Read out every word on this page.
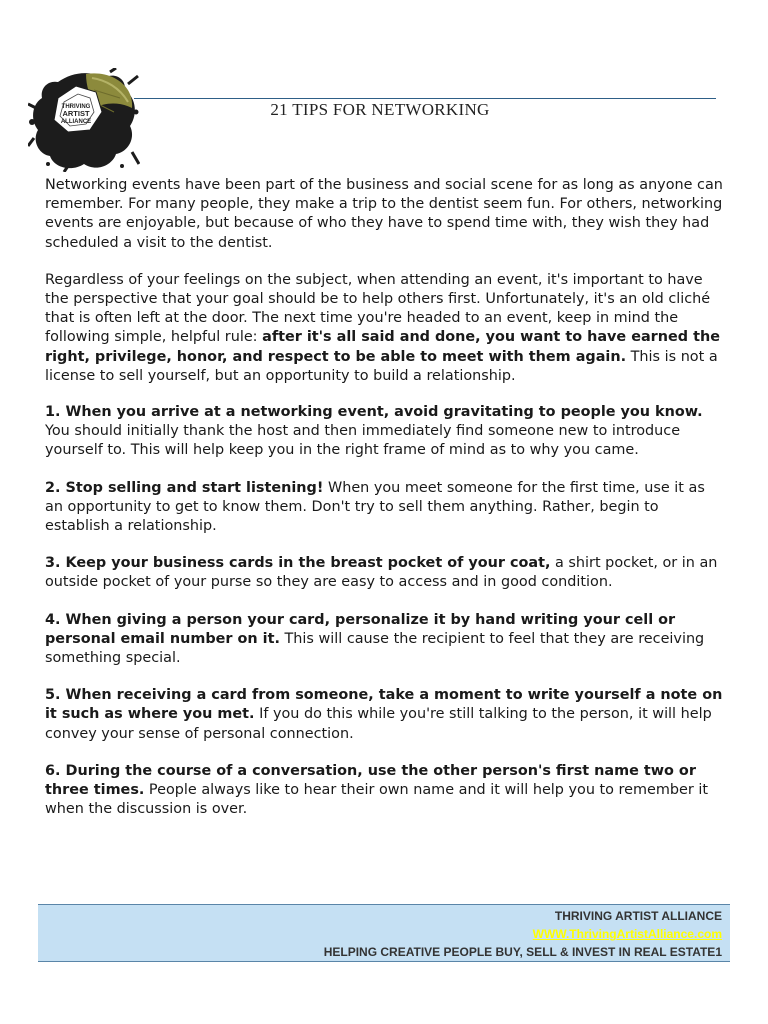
THRIVING
ARTIST
ALLIANCE
21 TIPS FOR NETWORKING

Networking events have been part of the business and social scene for as long as anyone can remember. For many people, they make a trip to the dentist seem fun. For others, networking events are enjoyable, but because of who they have to spend time with, they wish they had scheduled a visit to the dentist.

Regardless of your feelings on the subject, when attending an event, it's important to have the perspective that your goal should be to help others first. Unfortunately, it's an old cliché that is often left at the door. The next time you're headed to an event, keep in mind the following simple, helpful rule: after it's all said and done, you want to have earned the right, privilege, honor, and respect to be able to meet with them again. This is not a license to sell yourself, but an opportunity to build a relationship.

1. When you arrive at a networking event, avoid gravitating to people you know. You should initially thank the host and then immediately find someone new to introduce yourself to. This will help keep you in the right frame of mind as to why you came.

2. Stop selling and start listening! When you meet someone for the first time, use it as an opportunity to get to know them. Don't try to sell them anything. Rather, begin to establish a relationship.

3. Keep your business cards in the breast pocket of your coat, a shirt pocket, or in an outside pocket of your purse so they are easy to access and in good condition.

4. When giving a person your card, personalize it by hand writing your cell or personal email number on it. This will cause the recipient to feel that they are receiving something special.

5. When receiving a card from someone, take a moment to write yourself a note on it such as where you met. If you do this while you're still talking to the person, it will help convey your sense of personal connection.

6. During the course of a conversation, use the other person's first name two or three times. People always like to hear their own name and it will help you to remember it when the discussion is over.

THRIVING ARTIST ALLIANCE
WWW.ThrivingArtistAlliance.com
HELPING CREATIVE PEOPLE BUY, SELL & INVEST IN REAL ESTATE1
